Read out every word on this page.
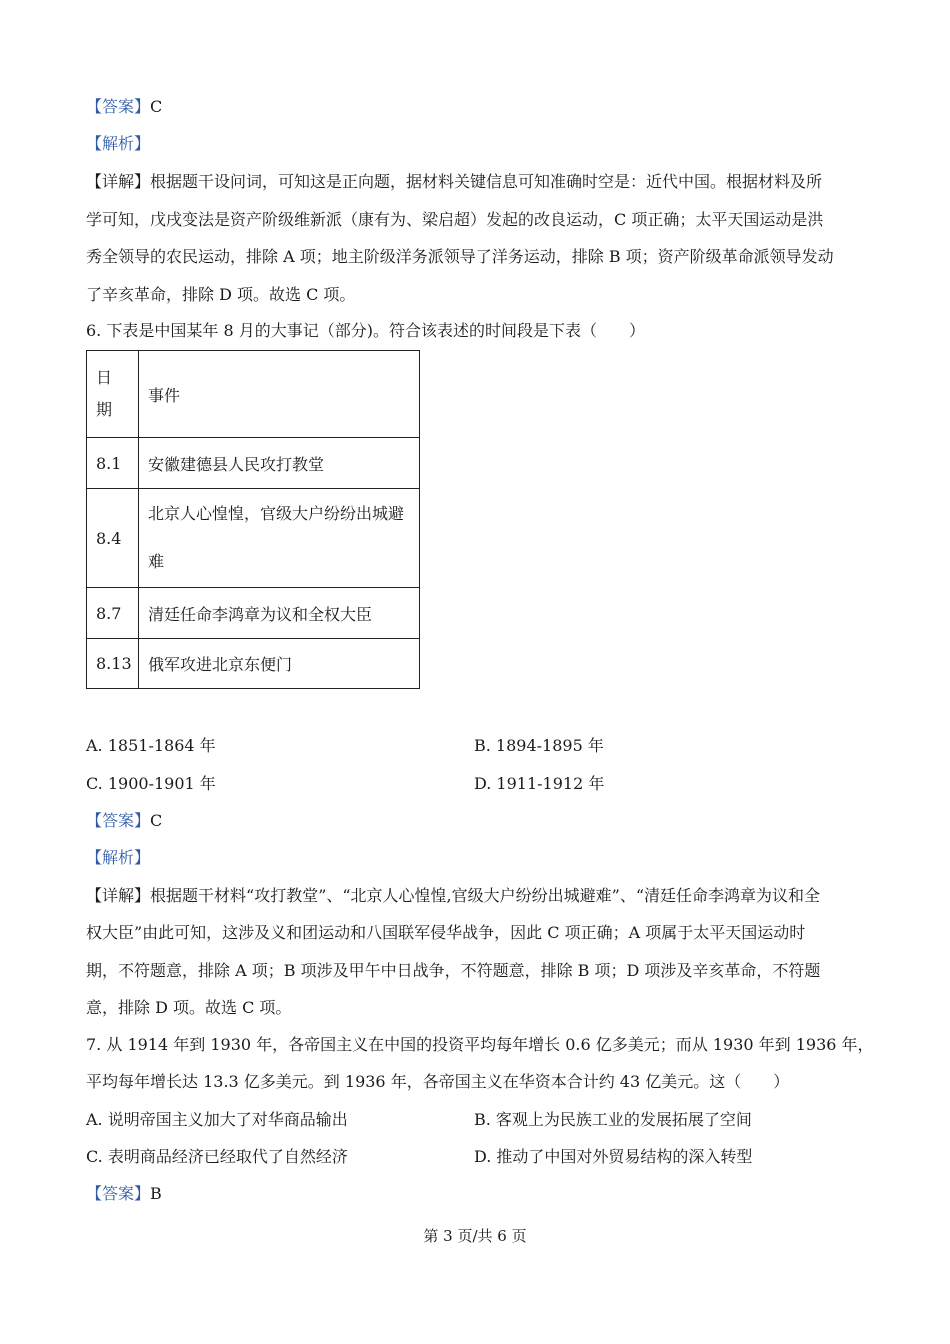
【答案】C
【解析】
【详解】根据题干设问词，可知这是正向题，据材料关键信息可知准确时空是：近代中国。根据材料及所
学可知，戊戌变法是资产阶级维新派（康有为、梁启超）发起的改良运动，C 项正确；太平天国运动是洪
秀全领导的农民运动，排除 A 项；地主阶级洋务派领导了洋务运动，排除 B 项；资产阶级革命派领导发动
了辛亥革命，排除 D 项。故选 C 项。
6. 下表是中国某年 8 月的大事记（部分)。符合该表述的时间段是下表（　　）
日
期	事件
8.1	安徽建德县人民攻打教堂
8.4	北京人心惶惶，官级大户纷纷出城避
难

8.7	清廷任命李鸿章为议和全权大臣
8.13	俄军攻进北京东便门
A. 1851-1864 年	B. 1894-1895 年
C. 1900-1901 年	D. 1911-1912 年
【答案】C
【解析】
【详解】根据题干材料“攻打教堂”、“北京人心惶惶,官级大户纷纷出城避难”、“清廷任命李鸿章为议和全
权大臣”由此可知，这涉及义和团运动和八国联军侵华战争，因此 C 项正确；A 项属于太平天国运动时
期，不符题意，排除 A 项；B 项涉及甲午中日战争，不符题意，排除 B 项；D 项涉及辛亥革命，不符题
意，排除 D 项。故选 C 项。
7. 从 1914 年到 1930 年，各帝国主义在中国的投资平均每年增长 0.6 亿多美元；而从 1930 年到 1936 年，
平均每年增长达 13.3 亿多美元。到 1936 年，各帝国主义在华资本合计约 43 亿美元。这（　　）
A. 说明帝国主义加大了对华商品输出	B. 客观上为民族工业的发展拓展了空间
C. 表明商品经济已经取代了自然经济	D. 推动了中国对外贸易结构的深入转型
【答案】B
第 3 页/共 6 页
